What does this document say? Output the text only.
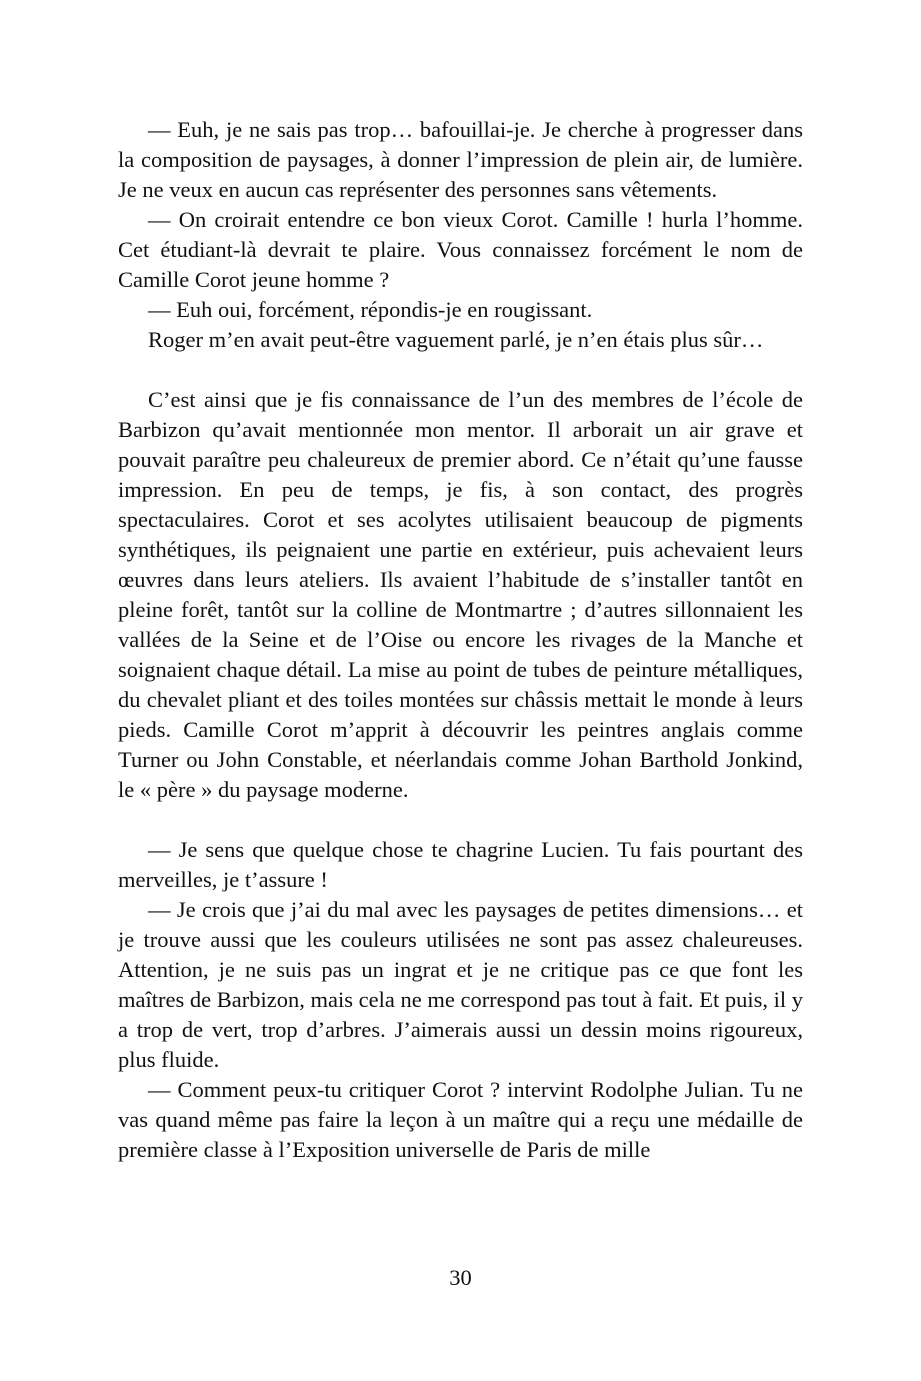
— Euh, je ne sais pas trop… bafouillai-je. Je cherche à progresser dans la composition de paysages, à donner l’impression de plein air, de lumière. Je ne veux en aucun cas représenter des personnes sans vêtements.

— On croirait entendre ce bon vieux Corot. Camille ! hurla l’homme. Cet étudiant-là devrait te plaire. Vous connaissez forcément le nom de Camille Corot jeune homme ?

— Euh oui, forcément, répondis-je en rougissant.

Roger m’en avait peut-être vaguement parlé, je n’en étais plus sûr…

C’est ainsi que je fis connaissance de l’un des membres de l’école de Barbizon qu’avait mentionnée mon mentor. Il arborait un air grave et pouvait paraître peu chaleureux de premier abord. Ce n’était qu’une fausse impression. En peu de temps, je fis, à son contact, des progrès spectaculaires. Corot et ses acolytes utilisaient beaucoup de pigments synthétiques, ils peignaient une partie en extérieur, puis achevaient leurs œuvres dans leurs ateliers. Ils avaient l’habitude de s’installer tantôt en pleine forêt, tantôt sur la colline de Montmartre ; d’autres sillonnaient les vallées de la Seine et de l’Oise ou encore les rivages de la Manche et soignaient chaque détail. La mise au point de tubes de peinture métalliques, du chevalet pliant et des toiles montées sur châssis mettait le monde à leurs pieds. Camille Corot m’apprit à découvrir les peintres anglais comme Turner ou John Constable, et néerlandais comme Johan Barthold Jonkind, le « père » du paysage moderne.

— Je sens que quelque chose te chagrine Lucien. Tu fais pourtant des merveilles, je t’assure !

— Je crois que j’ai du mal avec les paysages de petites dimensions… et je trouve aussi que les couleurs utilisées ne sont pas assez chaleureuses. Attention, je ne suis pas un ingrat et je ne critique pas ce que font les maîtres de Barbizon, mais cela ne me correspond pas tout à fait. Et puis, il y a trop de vert, trop d’arbres. J’aimerais aussi un dessin moins rigoureux, plus fluide.

— Comment peux-tu critiquer Corot ? intervint Rodolphe Julian. Tu ne vas quand même pas faire la leçon à un maître qui a reçu une médaille de première classe à l’Exposition universelle de Paris de mille

30
